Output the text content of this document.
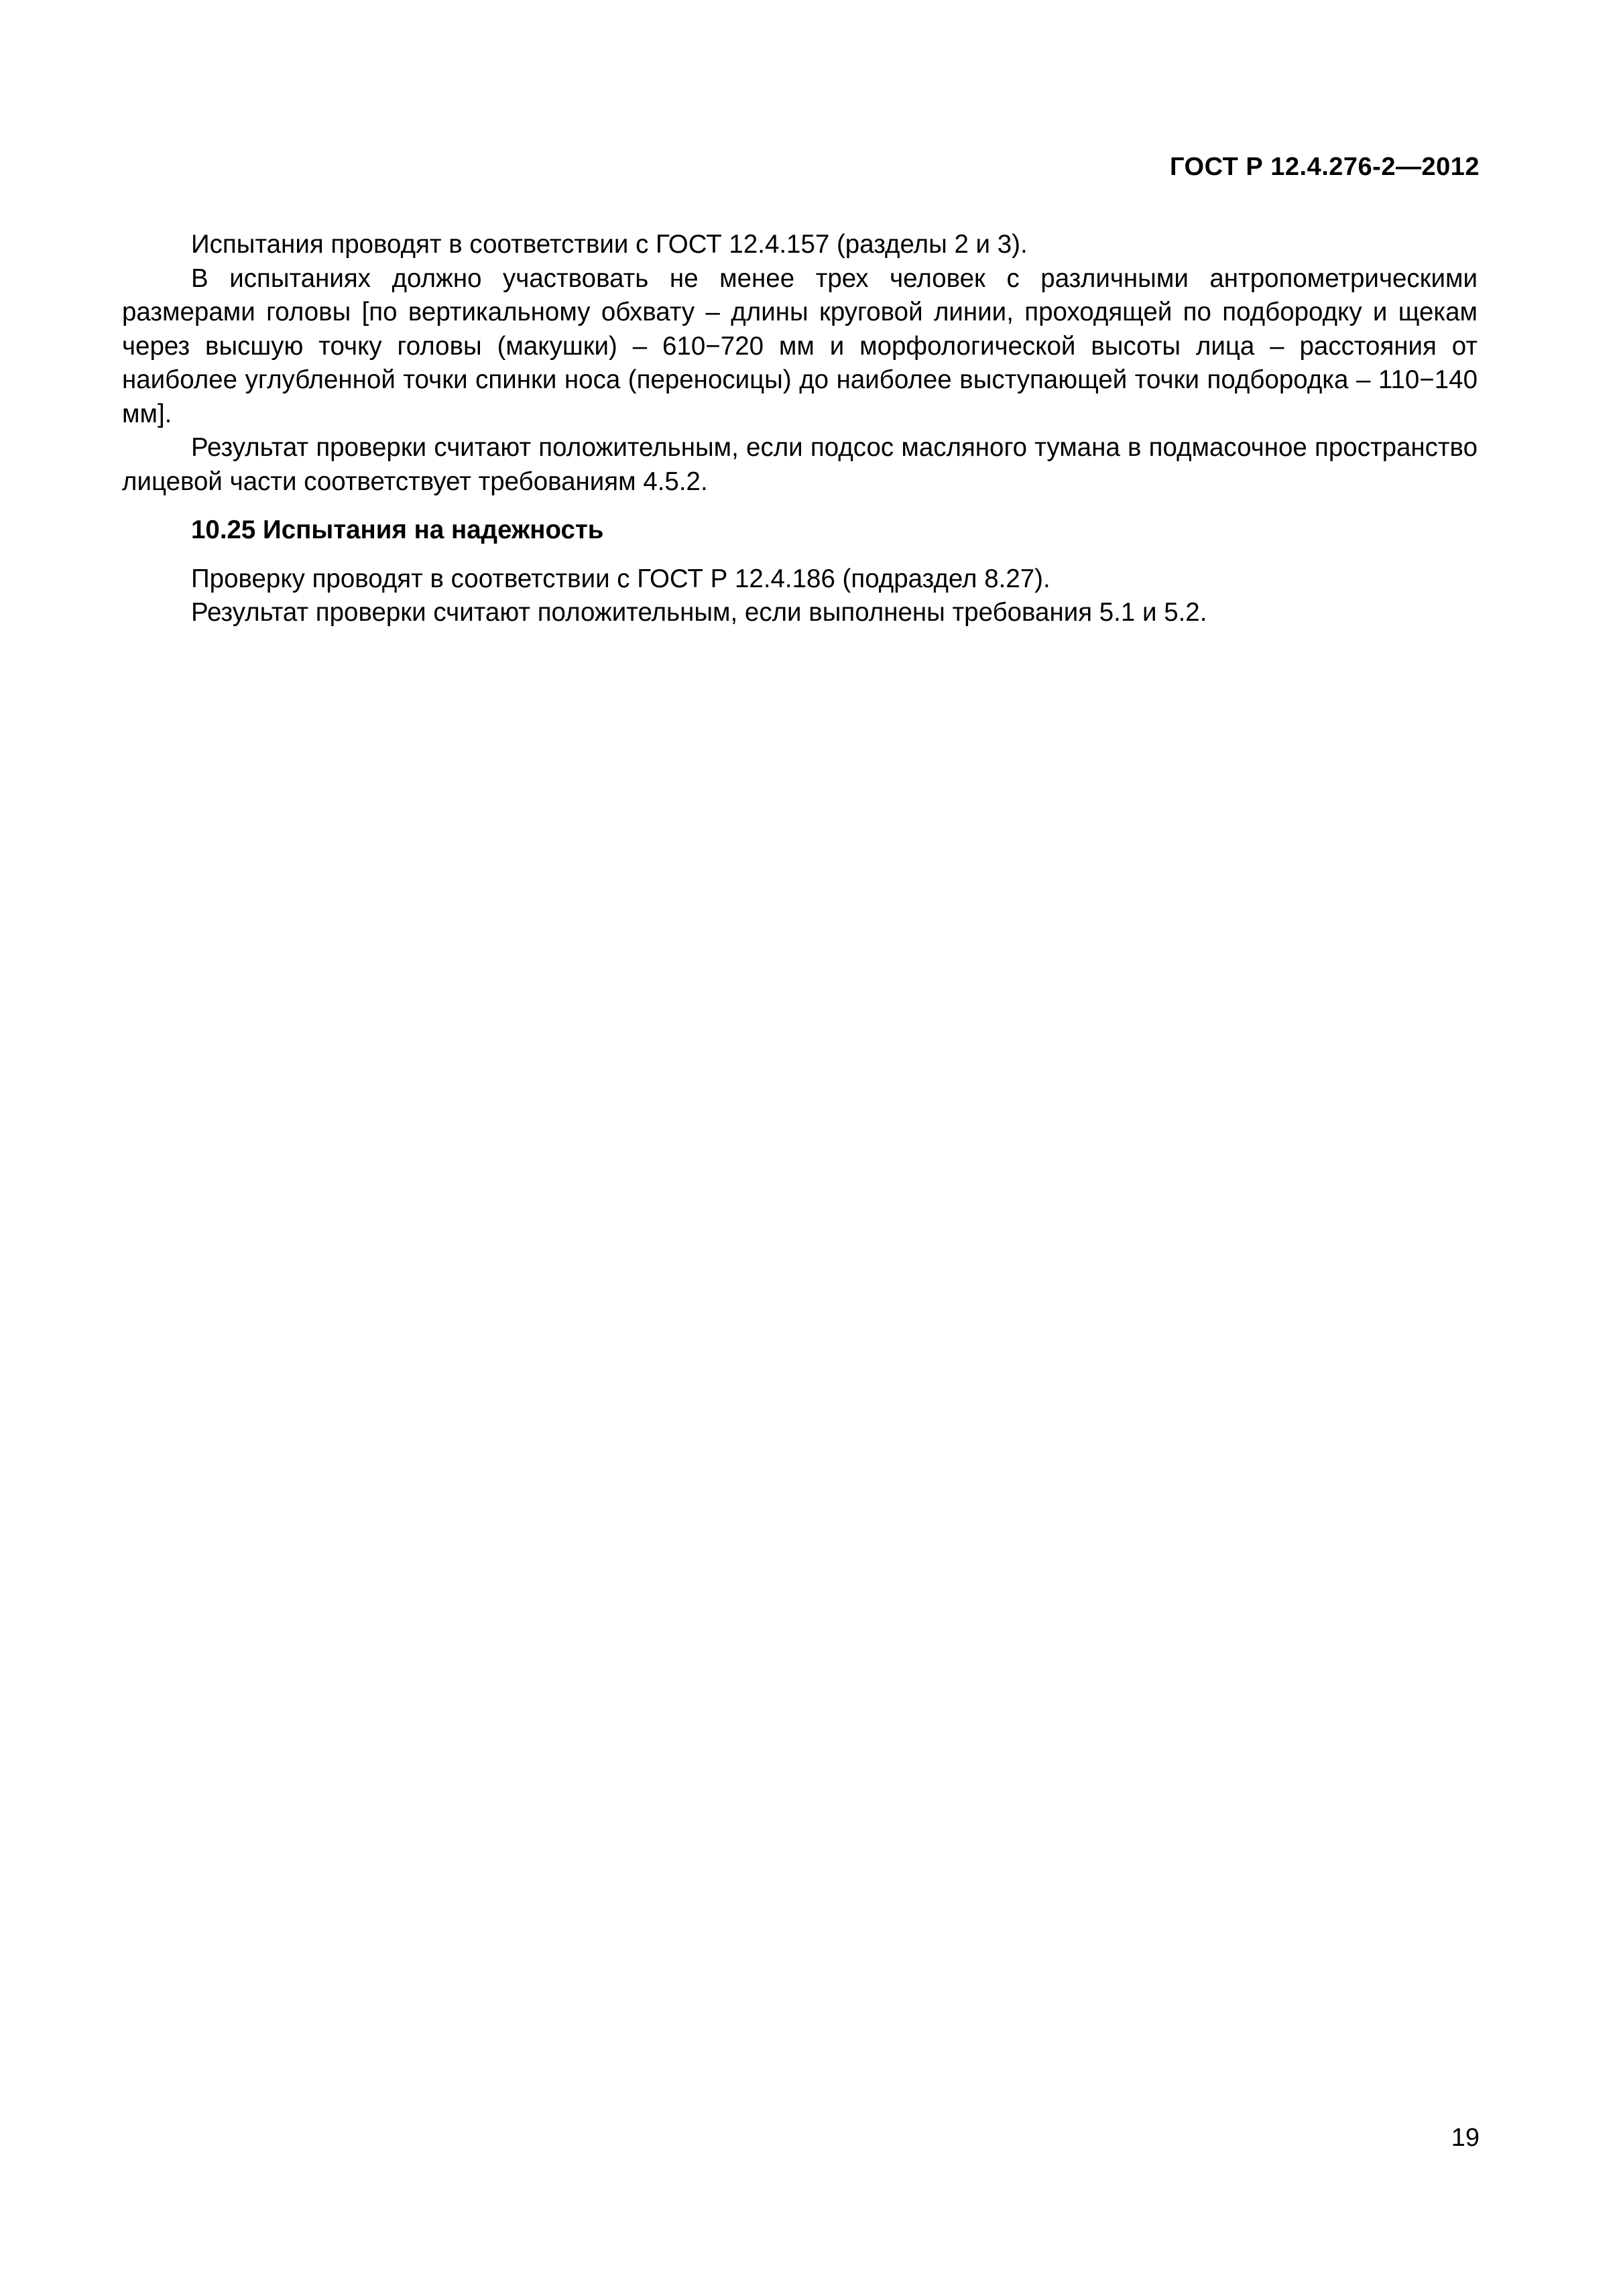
ГОСТ Р 12.4.276-2—2012

Испытания проводят в соответствии с ГОСТ 12.4.157 (разделы 2 и 3).

В испытаниях должно участвовать не менее трех человек с различными антропометрическими размерами головы [по вертикальному обхвату – длины круговой линии, проходящей по подбородку и щекам через высшую точку головы (макушки) – 610−720 мм и морфологической высоты лица – расстояния от наиболее углубленной точки спинки носа (переносицы) до наиболее выступающей точки подбородка – 110−140 мм].

Результат проверки считают положительным, если подсос масляного тумана в подмасочное пространство лицевой части соответствует требованиям 4.5.2.

10.25 Испытания на надежность

Проверку проводят в соответствии с ГОСТ Р 12.4.186 (подраздел 8.27).

Результат проверки считают положительным, если выполнены требования 5.1 и 5.2.

19
